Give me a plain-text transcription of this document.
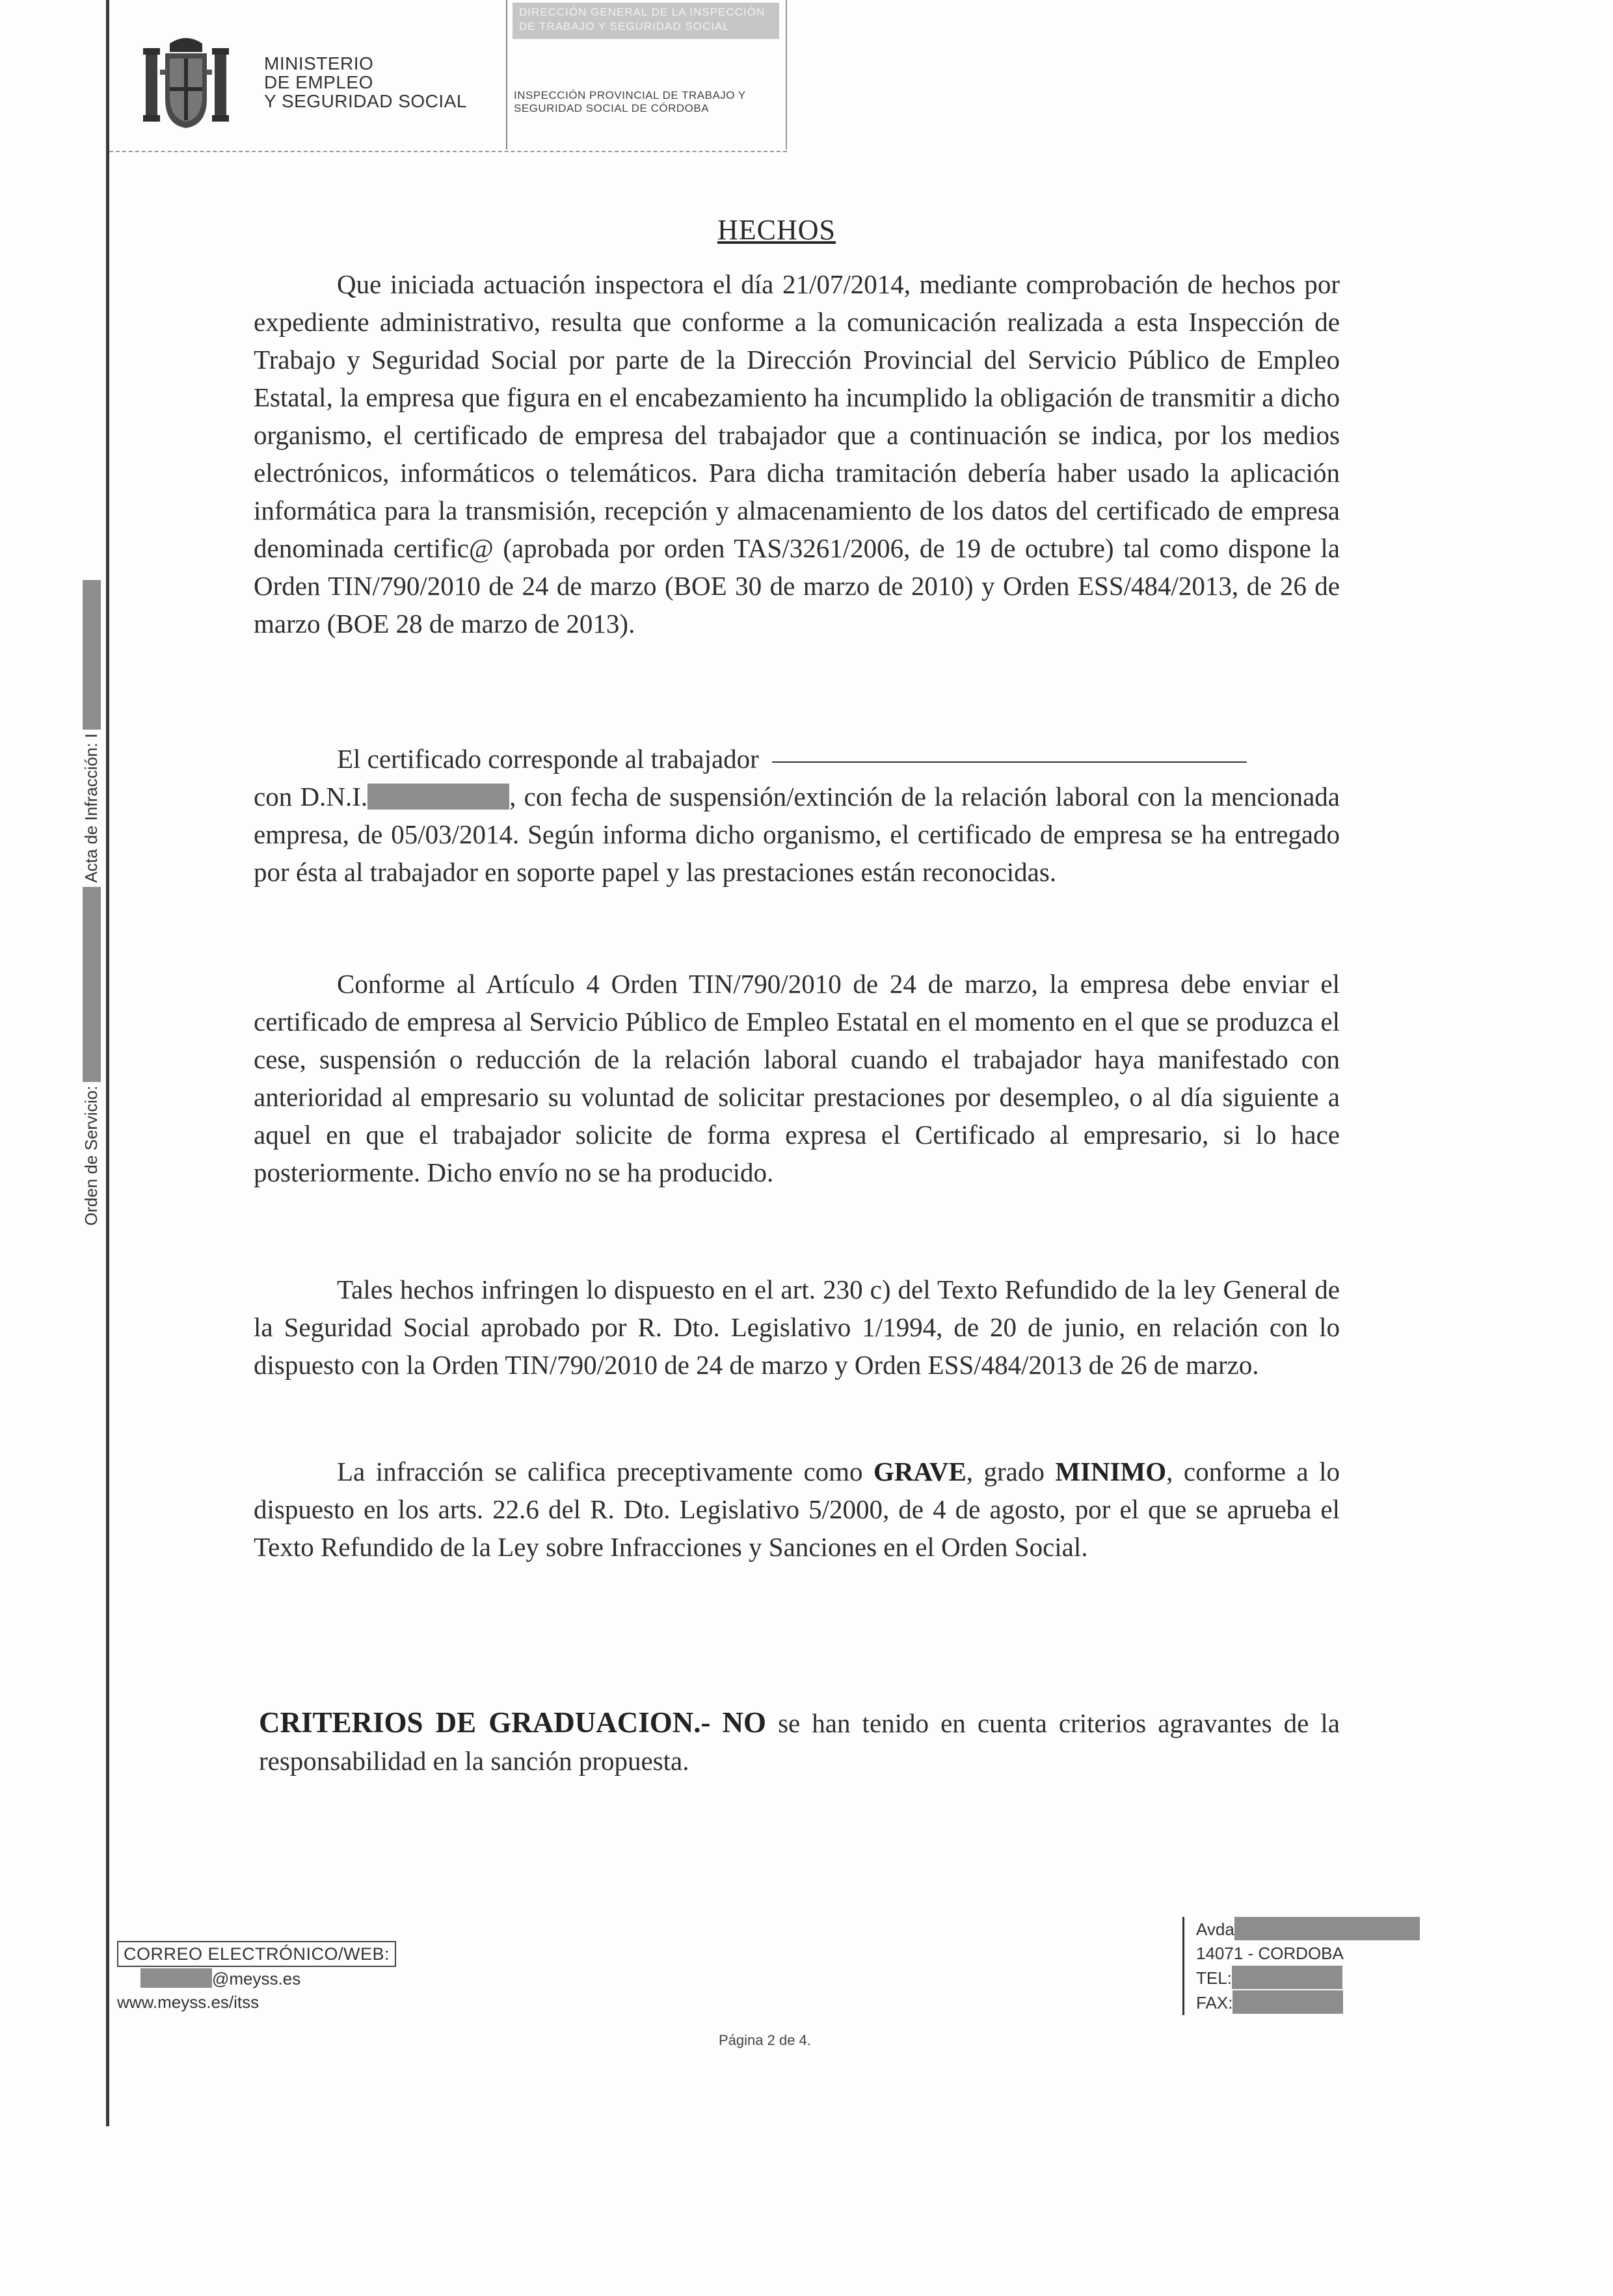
Orden de Servicio:
Acta de Infracción: I
MINISTERIO
DE EMPLEO
Y SEGURIDAD SOCIAL
DIRECCIÓN GENERAL DE LA INSPECCIÓN
DE TRABAJO Y SEGURIDAD SOCIAL
INSPECCIÓN PROVINCIAL DE TRABAJO Y
SEGURIDAD SOCIAL DE CÓRDOBA
HECHOS

Que iniciada actuación inspectora el día 21/07/2014, mediante comprobación de hechos por expediente administrativo, resulta que conforme a la comunicación realizada a esta Inspección de Trabajo y Seguridad Social por parte de la Dirección Provincial del Servicio Público de Empleo Estatal, la empresa que figura en el encabezamiento ha incumplido la obligación de transmitir a dicho organismo, el certificado de empresa del trabajador que a continuación se indica, por los medios electrónicos, informáticos o telemáticos. Para dicha tramitación debería haber usado la aplicación informática para la transmisión, recepción y almacenamiento de los datos del certificado de empresa denominada certific@ (aprobada por orden TAS/3261/2006, de 19 de octubre) tal como dispone la Orden TIN/790/2010 de 24 de marzo (BOE 30 de marzo de 2010) y Orden ESS/484/2013, de 26 de marzo (BOE 28 de marzo de 2013).

El certificado corresponde al trabajador
con D.N.I.	, con fecha de suspensión/extinción de la relación laboral con la mencionada empresa, de 05/03/2014. Según informa dicho organismo, el certificado de empresa se ha entregado por ésta al trabajador en soporte papel y las prestaciones están reconocidas.

Conforme al Artículo 4 Orden TIN/790/2010 de 24 de marzo, la empresa debe enviar el certificado de empresa al Servicio Público de Empleo Estatal en el momento en el que se produzca el cese, suspensión o reducción de la relación laboral cuando el trabajador haya manifestado con anterioridad al empresario su voluntad de solicitar prestaciones por desempleo, o al día siguiente a aquel en que el trabajador solicite de forma expresa el Certificado al empresario, si lo hace posteriormente. Dicho envío no se ha producido.

Tales hechos infringen lo dispuesto en el art. 230 c) del Texto Refundido de la ley General de la Seguridad Social aprobado por R. Dto. Legislativo 1/1994, de 20 de junio, en relación con lo dispuesto con la Orden TIN/790/2010 de 24 de marzo y Orden ESS/484/2013 de 26 de marzo.

La infracción se califica preceptivamente como GRAVE, grado MINIMO, conforme a lo dispuesto en los arts. 22.6 del R. Dto. Legislativo 5/2000, de 4 de agosto, por el que se aprueba el Texto Refundido de la Ley sobre Infracciones y Sanciones en el Orden Social.

CRITERIOS DE GRADUACION.- NO se han tenido en cuenta criterios agravantes de la responsabilidad en la sanción propuesta.

CORREO ELECTRÓNICO/WEB:
@meyss.es
www.meyss.es/itss
Avda
14071 - CORDOBA
TEL:
FAX:
Página 2 de 4.
